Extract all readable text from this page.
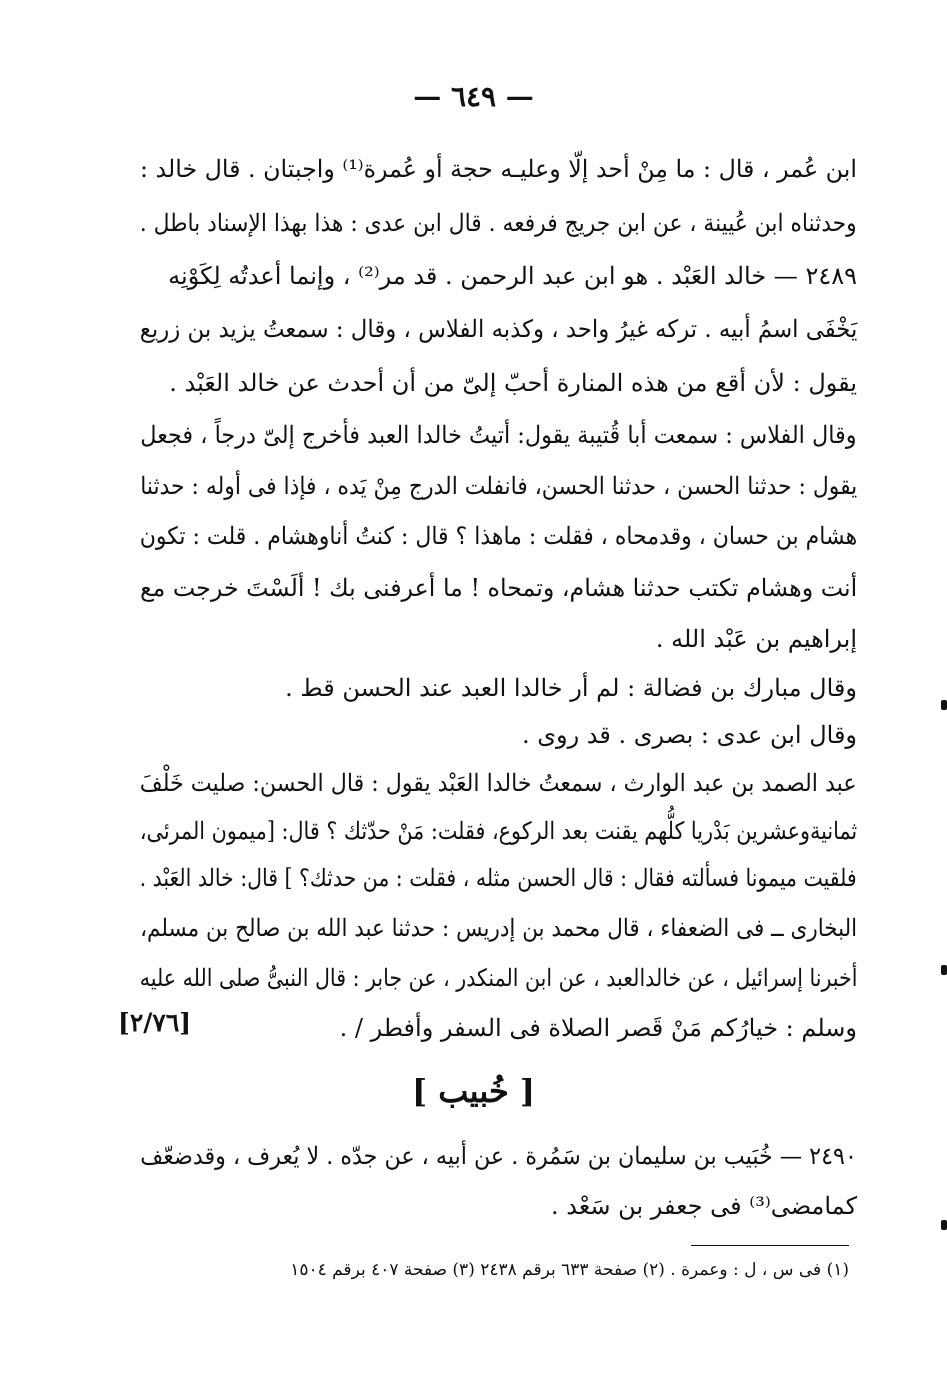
— ٦٤٩ —
ابن عُمر ، قال : ما مِنْ أحد إلّا وعليـه حجة أو عُمرة⁽¹⁾ واجبتان . قال خالد :
وحدثناه ابن عُيينة ، عن ابن جريج فرفعه . قال ابن عدى : هذا بهذا الإسناد باطل .
٢٤٨٩ — خالد العَبْد . هو ابن عبد الرحمن . قد مر⁽²⁾ ، وإنما أعدتُه لِكَوْنِه
يَخْفَى اسمُ أبيه . تركه غيرُ واحد ، وكذبه الفلاس ، وقال : سمعتُ يزيد بن زريع
يقول : لأن أقع من هذه المنارة أحبّ إلىّ من أن أحدث عن خالد العَبْد .
وقال الفلاس : سمعت أبا قُتيبة يقول: أتيتُ خالدا العبد فأخرج إلىّ درجاً ، فجعل
يقول : حدثنا الحسن ، حدثنا الحسن، فانفلت الدرج مِنْ يَده ، فإذا فى أوله : حدثنا
هشام بن حسان ، وقدمحاه ، فقلت : ماهذا ؟ قال : كنتُ أناوهشام . قلت : تكون
أنت وهشام تكتب حدثنا هشام، وتمحاه ! ما أعرفنى بك ! ألَسْتَ خرجت مع
إبراهيم بن عَبْد الله .
وقال مبارك بن فضالة : لم أر خالدا العبد عند الحسن قط .
وقال ابن عدى : بصرى . قد روى .
عبد الصمد بن عبد الوارث ، سمعتُ خالدا العَبْد يقول : قال الحسن: صليت خَلْفَ
ثمانيةوعشرين بَدْريا كلُّهم يقنت بعد الركوع، فقلت: مَنْ حدّثك ؟ قال: [ميمون المرئى،
فلقيت ميمونا فسألته فقال : قال الحسن مثله ، فقلت : من حدثك؟ ] قال: خالد العَبْد .
البخارى ــ فى الضعفاء ، قال محمد بن إدريس : حدثنا عبد الله بن صالح بن مسلم،
أخبرنا إسرائيل ، عن خالدالعبد ، عن ابن المنكدر ، عن جابر : قال النبىُّ صلى الله عليه
وسلم : خيارُكم مَنْ قَصر الصلاة فى السفر وأفطر / .
[٢/٧٦]
[ خُبيب ]
٢٤٩٠ — خُبَيب بن سليمان بن سَمُرة . عن أبيه ، عن جدّه . لا يُعرف ، وقدضعّف
كمامضى⁽³⁾ فى جعفر بن سَعْد .
(١) فى س ، ل : وعمرة . (٢) صفحة ٦٣٣ برقم ٢٤٣٨ (٣) صفحة ٤٠٧ برقم ١٥٠٤
